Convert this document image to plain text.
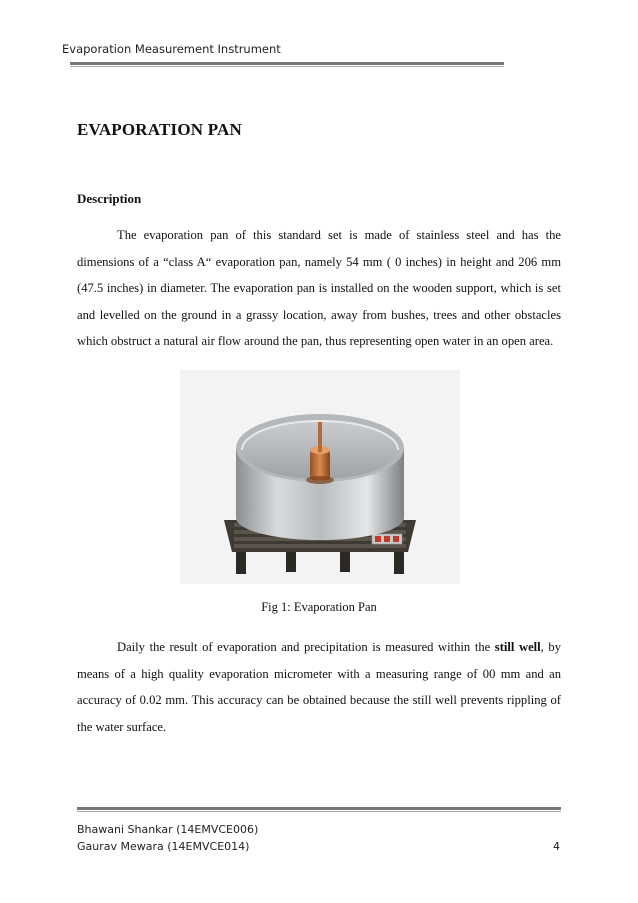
Evaporation Measurement Instrument
EVAPORATION PAN
Description

The evaporation pan of this standard set is made of stainless steel and has the dimensions of a “class A“ evaporation pan, namely 54 mm ( 0 inches) in height and 206 mm (47.5 inches) in diameter. The evaporation pan is installed on the wooden support, which is set and levelled on the ground in a grassy location, away from bushes, trees and other obstacles which obstruct a natural air flow around the pan, thus representing open water in an open area.

Fig 1: Evaporation Pan

Daily the result of evaporation and precipitation is measured within the still well, by means of a high quality evaporation micrometer with a measuring range of 00 mm and an accuracy of 0.02 mm. This accuracy can be obtained because the still well prevents rippling of the water surface.

Bhawani Shankar (14EMVCE006)
Gaurav Mewara (14EMVCE014)	4
